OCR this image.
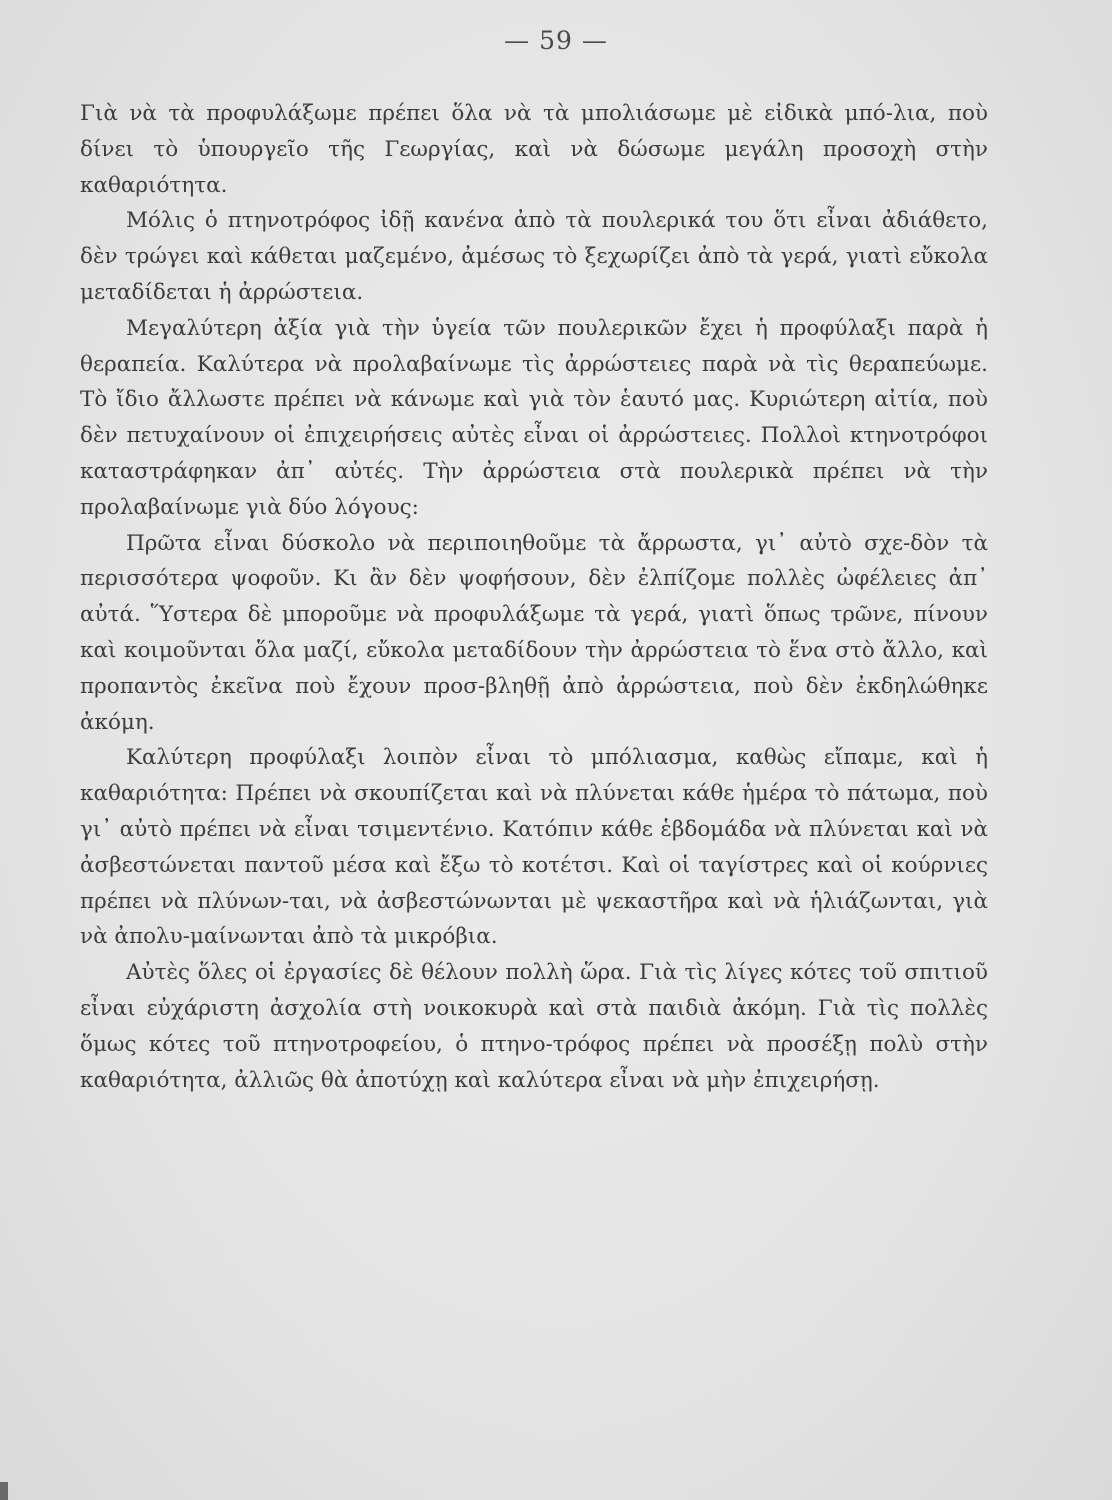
— 59 —

Γιὰ νὰ τὰ προφυλάξωμε πρέπει ὅλα νὰ τὰ μπολιάσωμε μὲ εἰδικὰ μπό-λια, ποὺ δίνει τὸ ὑπουργεῖο τῆς Γεωργίας, καὶ νὰ δώσωμε μεγάλη προσοχὴ στὴν καθαριότητα.

Μόλις ὁ πτηνοτρόφος ἰδῇ κανένα ἀπὸ τὰ πουλερικά του ὅτι εἶναι ἀδιάθετο, δὲν τρώγει καὶ κάθεται μαζεμένο, ἀμέσως τὸ ξεχωρίζει ἀπὸ τὰ γερά, γιατὶ εὔκολα μεταδίδεται ἡ ἀρρώστεια.

Μεγαλύτερη ἀξία γιὰ τὴν ὑγεία τῶν πουλερικῶν ἔχει ἡ προφύλαξι παρὰ ἡ θεραπεία. Καλύτερα νὰ προλαβαίνωμε τὶς ἀρρώστειες παρὰ νὰ τὶς θεραπεύωμε. Τὸ ἴδιο ἄλλωστε πρέπει νὰ κάνωμε καὶ γιὰ τὸν ἑαυτό μας. Κυριώτερη αἰτία, ποὺ δὲν πετυχαίνουν οἱ ἐπιχειρήσεις αὐτὲς εἶναι οἱ ἀρρώστειες. Πολλοὶ κτηνοτρόφοι καταστράφηκαν ἀπ᾽ αὐτές. Τὴν ἀρρώστεια στὰ πουλερικὰ πρέπει νὰ τὴν προλαβαίνωμε γιὰ δύο λόγους:

Πρῶτα εἶναι δύσκολο νὰ περιποιηθοῦμε τὰ ἄρρωστα, γι᾽ αὐτὸ σχε-δὸν τὰ περισσότερα ψοφοῦν. Κι ἂν δὲν ψοφήσουν, δὲν ἐλπίζομε πολλὲς ὠφέλειες ἀπ᾽ αὐτά. Ὕστερα δὲ μποροῦμε νὰ προφυλάξωμε τὰ γερά, γιατὶ ὅπως τρῶνε, πίνουν καὶ κοιμοῦνται ὅλα μαζί, εὔκολα μεταδίδουν τὴν ἀρρώστεια τὸ ἕνα στὸ ἄλλο, καὶ προπαντὸς ἐκεῖνα ποὺ ἔχουν προσ-βληθῇ ἀπὸ ἀρρώστεια, ποὺ δὲν ἐκδηλώθηκε ἀκόμη.

Καλύτερη προφύλαξι λοιπὸν εἶναι τὸ μπόλιασμα, καθὼς εἴπαμε, καὶ ἡ καθαριότητα: Πρέπει νὰ σκουπίζεται καὶ νὰ πλύνεται κάθε ἡμέρα τὸ πάτωμα, ποὺ γι᾽ αὐτὸ πρέπει νὰ εἶναι τσιμεντένιο. Κατόπιν κάθε ἑβδομάδα νὰ πλύνεται καὶ νὰ ἀσβεστώνεται παντοῦ μέσα καὶ ἔξω τὸ κοτέτσι. Καὶ οἱ ταγίστρες καὶ οἱ κούρνιες πρέπει νὰ πλύνων-ται, νὰ ἀσβεστώνωνται μὲ ψεκαστῆρα καὶ νὰ ἡλιάζωνται, γιὰ νὰ ἀπολυ-μαίνωνται ἀπὸ τὰ μικρόβια.

Αὐτὲς ὅλες οἱ ἐργασίες δὲ θέλουν πολλὴ ὥρα. Γιὰ τὶς λίγες κότες τοῦ σπιτιοῦ εἶναι εὐχάριστη ἀσχολία στὴ νοικοκυρὰ καὶ στὰ παιδιὰ ἀκόμη. Γιὰ τὶς πολλὲς ὅμως κότες τοῦ πτηνοτροφείου, ὁ πτηνο-τρόφος πρέπει νὰ προσέξῃ πολὺ στὴν καθαριότητα, ἀλλιῶς θὰ ἀποτύχῃ καὶ καλύτερα εἶναι νὰ μὴν ἐπιχειρήσῃ.
